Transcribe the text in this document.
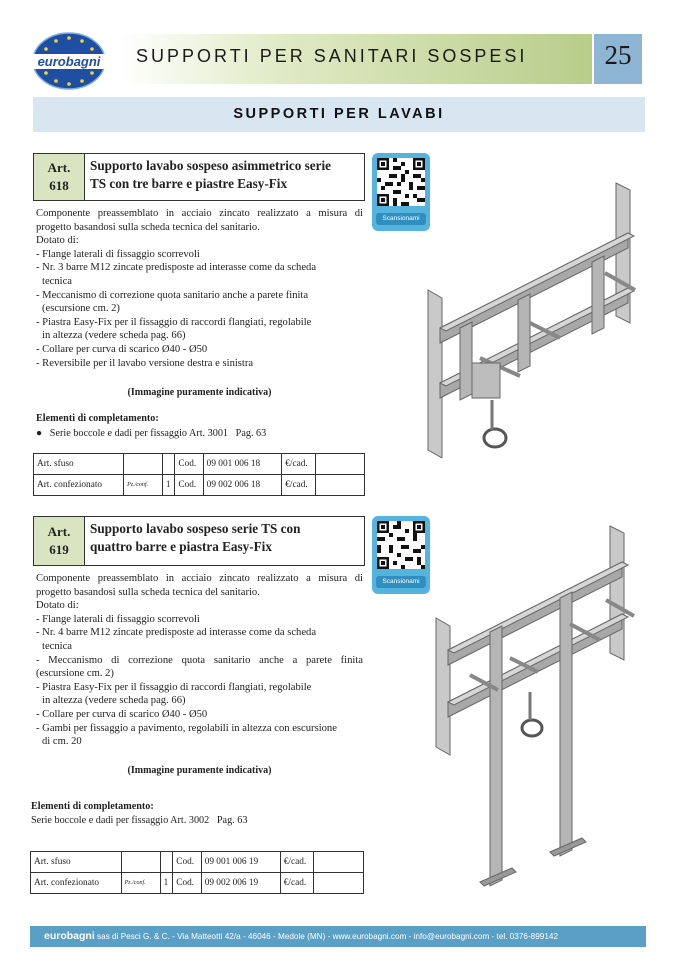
eurobagni SUPPORTI PER SANITARI SOSPESI	25
SUPPORTI PER LAVABI
Art.
618
Supporto lavabo sospeso asimmetrico serie
TS con tre barre e piastre Easy-Fix
Scansionami

Componente preassemblato in acciaio zincato realizzato a misura di

progetto basandosi sulla scheda tecnica del sanitario.

Dotato di:

- Flange laterali di fissaggio scorrevoli

- Nr. 3 barre M12 zincate predisposte ad interasse come da scheda

tecnica

- Meccanismo di correzione quota sanitario anche a parete finita

(escursione cm. 2)

- Piastra Easy-Fix per il fissaggio di raccordi flangiati, regolabile

in altezza (vedere scheda pag. 66)

- Collare per curva di scarico Ø40 - Ø50

- Reversibile per il lavabo versione destra e sinistra

(Immagine puramente indicativa)
Elementi di completamento:
●   Serie boccole e dadi per fissaggio Art. 3001 Pag. 63
Art. sfuso			Cod.	09 001 006 18	€/cad.	
Art. confezionato	Pz./conf.	1	Cod.	09 002 006 18	€/cad.	
Art.
619
Supporto lavabo sospeso serie TS con
quattro barre e piastra Easy-Fix
Scansionami

Componente preassemblato in acciaio zincato realizzato a misura di

progetto basandosi sulla scheda tecnica del sanitario.

Dotato di:

- Flange laterali di fissaggio scorrevoli

- Nr. 4 barre M12 zincate predisposte ad interasse come da scheda

tecnica

- Meccanismo di correzione quota sanitario anche a parete finita

(escursione cm. 2)

- Piastra Easy-Fix per il fissaggio di raccordi flangiati, regolabile

in altezza (vedere scheda pag. 66)

- Collare per curva di scarico Ø40 - Ø50

- Gambi per fissaggio a pavimento, regolabili in altezza con escursione

di cm. 20

(Immagine puramente indicativa)
Elementi di completamento:
Serie boccole e dadi per fissaggio Art. 3002 Pag. 63
Art. sfuso			Cod.	09 001 006 19	€/cad.	
Art. confezionato	Pz./conf.	1	Cod.	09 002 006 19	€/cad.	
eurobagni sas di Pesci G. & C. - Via Matteotti 42/a - 46046 - Medole (MN) - www.eurobagni.com - info@eurobagni.com - tel. 0376-899142
